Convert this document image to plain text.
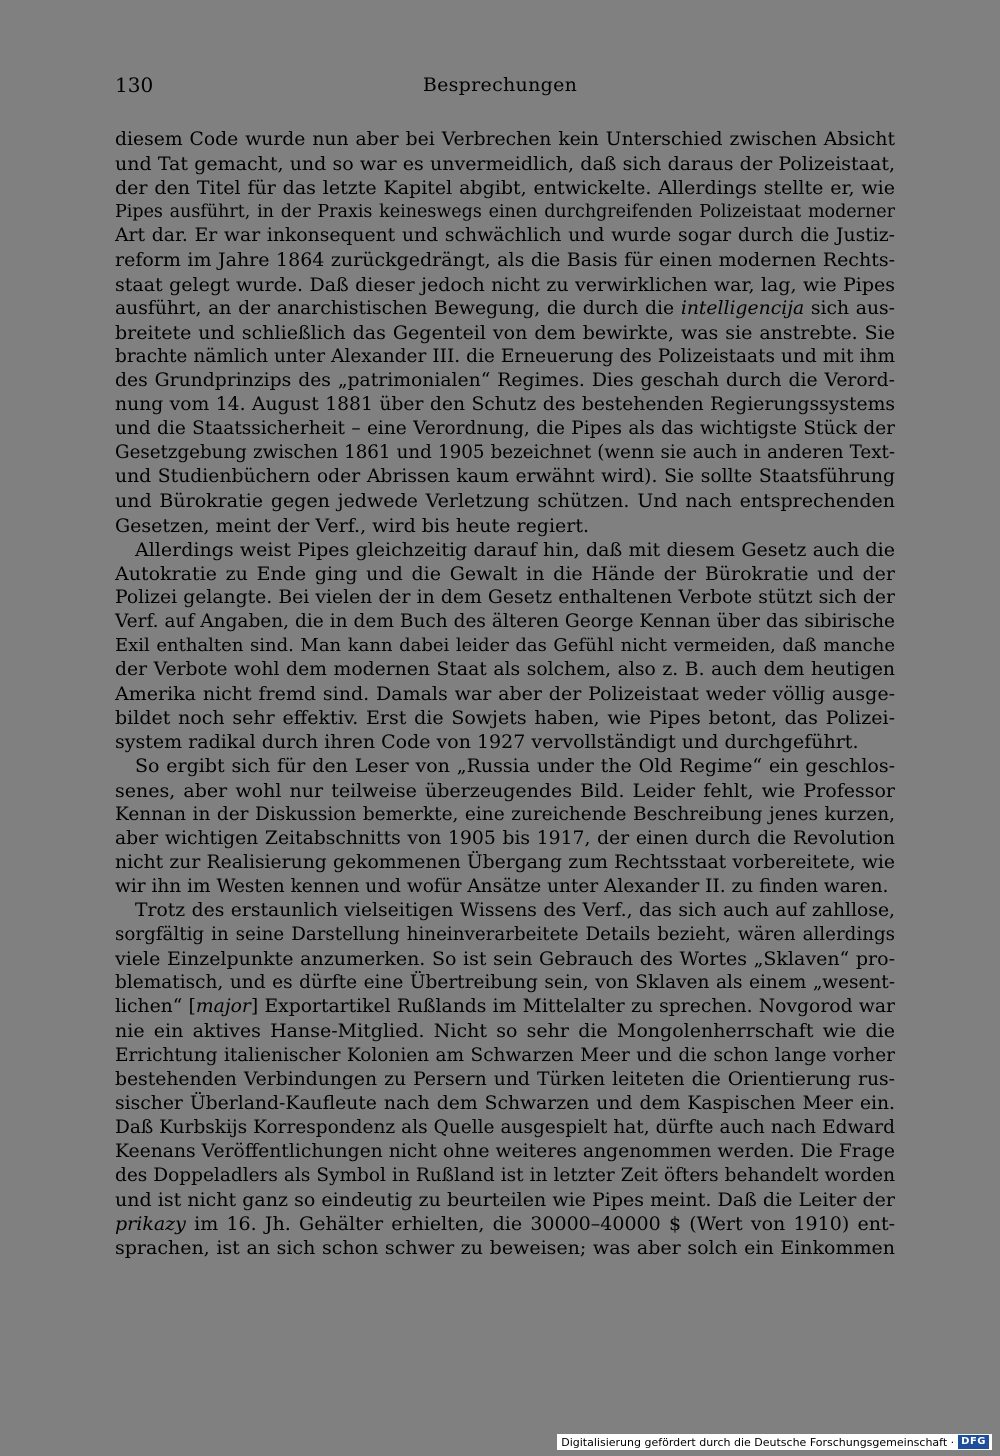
130	Besprechungen
diesem Code wurde nun aber bei Verbrechen kein Unterschied zwischen Absicht
und Tat gemacht, und so war es unvermeidlich, daß sich daraus der Polizeistaat,
der den Titel für das letzte Kapitel abgibt, entwickelte. Allerdings stellte er, wie
Pipes ausführt, in der Praxis keineswegs einen durchgreifenden Polizeistaat moderner
Art dar. Er war inkonsequent und schwächlich und wurde sogar durch die Justiz-
reform im Jahre 1864 zurückgedrängt, als die Basis für einen modernen Rechts-
staat gelegt wurde. Daß dieser jedoch nicht zu verwirklichen war, lag, wie Pipes
ausführt, an der anarchistischen Bewegung, die durch die intelligencija sich aus-
breitete und schließlich das Gegenteil von dem bewirkte, was sie anstrebte. Sie
brachte nämlich unter Alexander III. die Erneuerung des Polizeistaats und mit ihm
des Grundprinzips des „patrimonialen“ Regimes. Dies geschah durch die Verord-
nung vom 14. August 1881 über den Schutz des bestehenden Regierungssystems
und die Staatssicherheit – eine Verordnung, die Pipes als das wichtigste Stück der
Gesetzgebung zwischen 1861 und 1905 bezeichnet (wenn sie auch in anderen Text-
und Studienbüchern oder Abrissen kaum erwähnt wird). Sie sollte Staatsführung
und Bürokratie gegen jedwede Verletzung schützen. Und nach entsprechenden
Gesetzen, meint der Verf., wird bis heute regiert.
Allerdings weist Pipes gleichzeitig darauf hin, daß mit diesem Gesetz auch die
Autokratie zu Ende ging und die Gewalt in die Hände der Bürokratie und der
Polizei gelangte. Bei vielen der in dem Gesetz enthaltenen Verbote stützt sich der
Verf. auf Angaben, die in dem Buch des älteren George Kennan über das sibirische
Exil enthalten sind. Man kann dabei leider das Gefühl nicht vermeiden, daß manche
der Verbote wohl dem modernen Staat als solchem, also z. B. auch dem heutigen
Amerika nicht fremd sind. Damals war aber der Polizeistaat weder völlig ausge-
bildet noch sehr effektiv. Erst die Sowjets haben, wie Pipes betont, das Polizei-
system radikal durch ihren Code von 1927 vervollständigt und durchgeführt.
So ergibt sich für den Leser von „Russia under the Old Regime“ ein geschlos-
senes, aber wohl nur teilweise überzeugendes Bild. Leider fehlt, wie Professor
Kennan in der Diskussion bemerkte, eine zureichende Beschreibung jenes kurzen,
aber wichtigen Zeitabschnitts von 1905 bis 1917, der einen durch die Revolution
nicht zur Realisierung gekommenen Übergang zum Rechtsstaat vorbereitete, wie
wir ihn im Westen kennen und wofür Ansätze unter Alexander II. zu finden waren.
Trotz des erstaunlich vielseitigen Wissens des Verf., das sich auch auf zahllose,
sorgfältig in seine Darstellung hineinverarbeitete Details bezieht, wären allerdings
viele Einzelpunkte anzumerken. So ist sein Gebrauch des Wortes „Sklaven“ pro-
blematisch, und es dürfte eine Übertreibung sein, von Sklaven als einem „wesent-
lichen“ [major] Exportartikel Rußlands im Mittelalter zu sprechen. Novgorod war
nie ein aktives Hanse-Mitglied. Nicht so sehr die Mongolenherrschaft wie die
Errichtung italienischer Kolonien am Schwarzen Meer und die schon lange vorher
bestehenden Verbindungen zu Persern und Türken leiteten die Orientierung rus-
sischer Überland-Kaufleute nach dem Schwarzen und dem Kaspischen Meer ein.
Daß Kurbskijs Korrespondenz als Quelle ausgespielt hat, dürfte auch nach Edward
Keenans Veröffentlichungen nicht ohne weiteres angenommen werden. Die Frage
des Doppeladlers als Symbol in Rußland ist in letzter Zeit öfters behandelt worden
und ist nicht ganz so eindeutig zu beurteilen wie Pipes meint. Daß die Leiter der
prikazy im 16. Jh. Gehälter erhielten, die 30000–40000 $ (Wert von 1910) ent-
sprachen, ist an sich schon schwer zu beweisen; was aber solch ein Einkommen
Digitalisierung gefördert durch die Deutsche Forschungsgemeinschaft · DFG
